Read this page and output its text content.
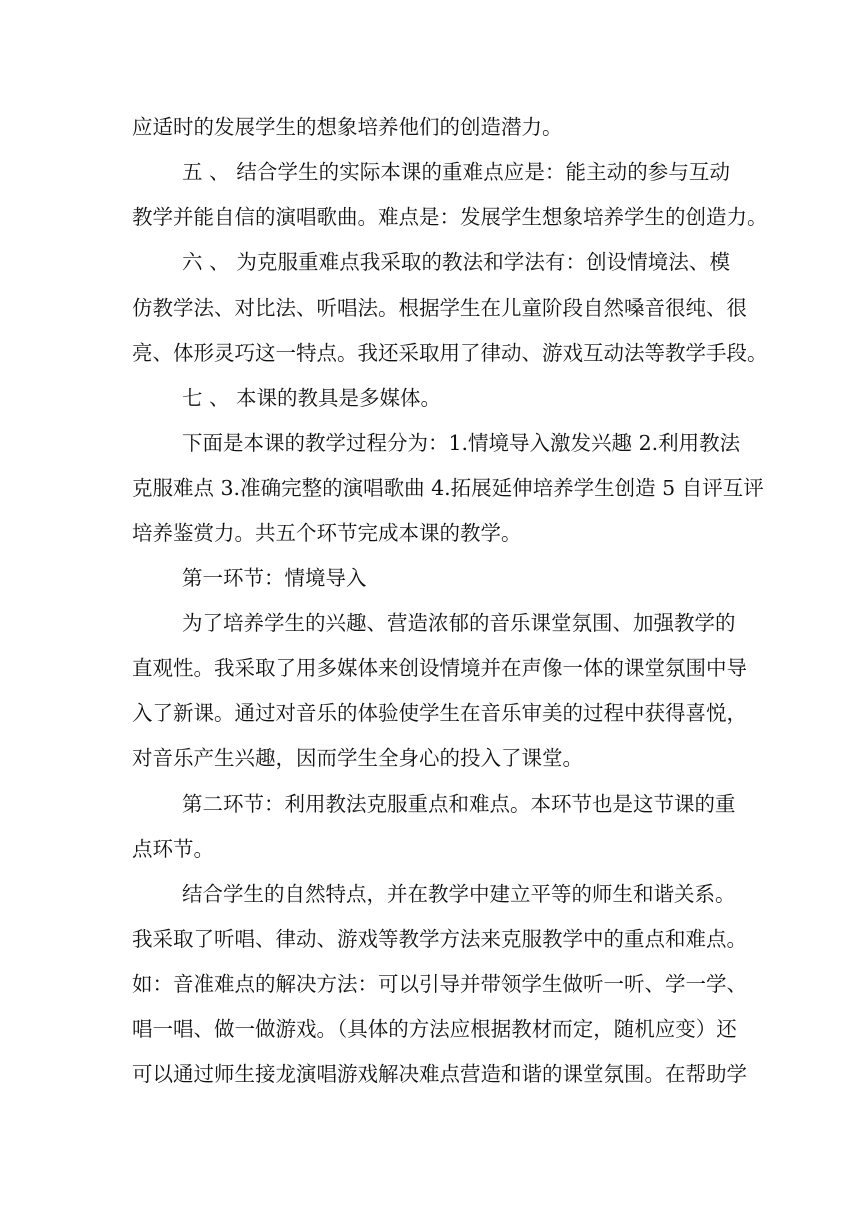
应适时的发展学生的想象培养他们的创造潜力。
五 、 结合学生的实际本课的重难点应是：能主动的参与互动
教学并能自信的演唱歌曲。难点是：发展学生想象培养学生的创造力。
六 、 为克服重难点我采取的教法和学法有：创设情境法、模
仿教学法、对比法、听唱法。根据学生在儿童阶段自然嗓音很纯、很
亮、体形灵巧这一特点。我还采取用了律动、游戏互动法等教学手段。
七 、 本课的教具是多媒体。
下面是本课的教学过程分为：1.情境导入激发兴趣 2.利用教法
克服难点 3.准确完整的演唱歌曲 4.拓展延伸培养学生创造 5 自评互评
培养鉴赏力。共五个环节完成本课的教学。
第一环节：情境导入
为了培养学生的兴趣、营造浓郁的音乐课堂氛围、加强教学的
直观性。我采取了用多媒体来创设情境并在声像一体的课堂氛围中导
入了新课。通过对音乐的体验使学生在音乐审美的过程中获得喜悦，
对音乐产生兴趣，因而学生全身心的投入了课堂。
第二环节：利用教法克服重点和难点。本环节也是这节课的重
点环节。
结合学生的自然特点，并在教学中建立平等的师生和谐关系。
我采取了听唱、律动、游戏等教学方法来克服教学中的重点和难点。
如：音准难点的解决方法：可以引导并带领学生做听一听、学一学、
唱一唱、做一做游戏。（具体的方法应根据教材而定，随机应变）还
可以通过师生接龙演唱游戏解决难点营造和谐的课堂氛围。在帮助学
